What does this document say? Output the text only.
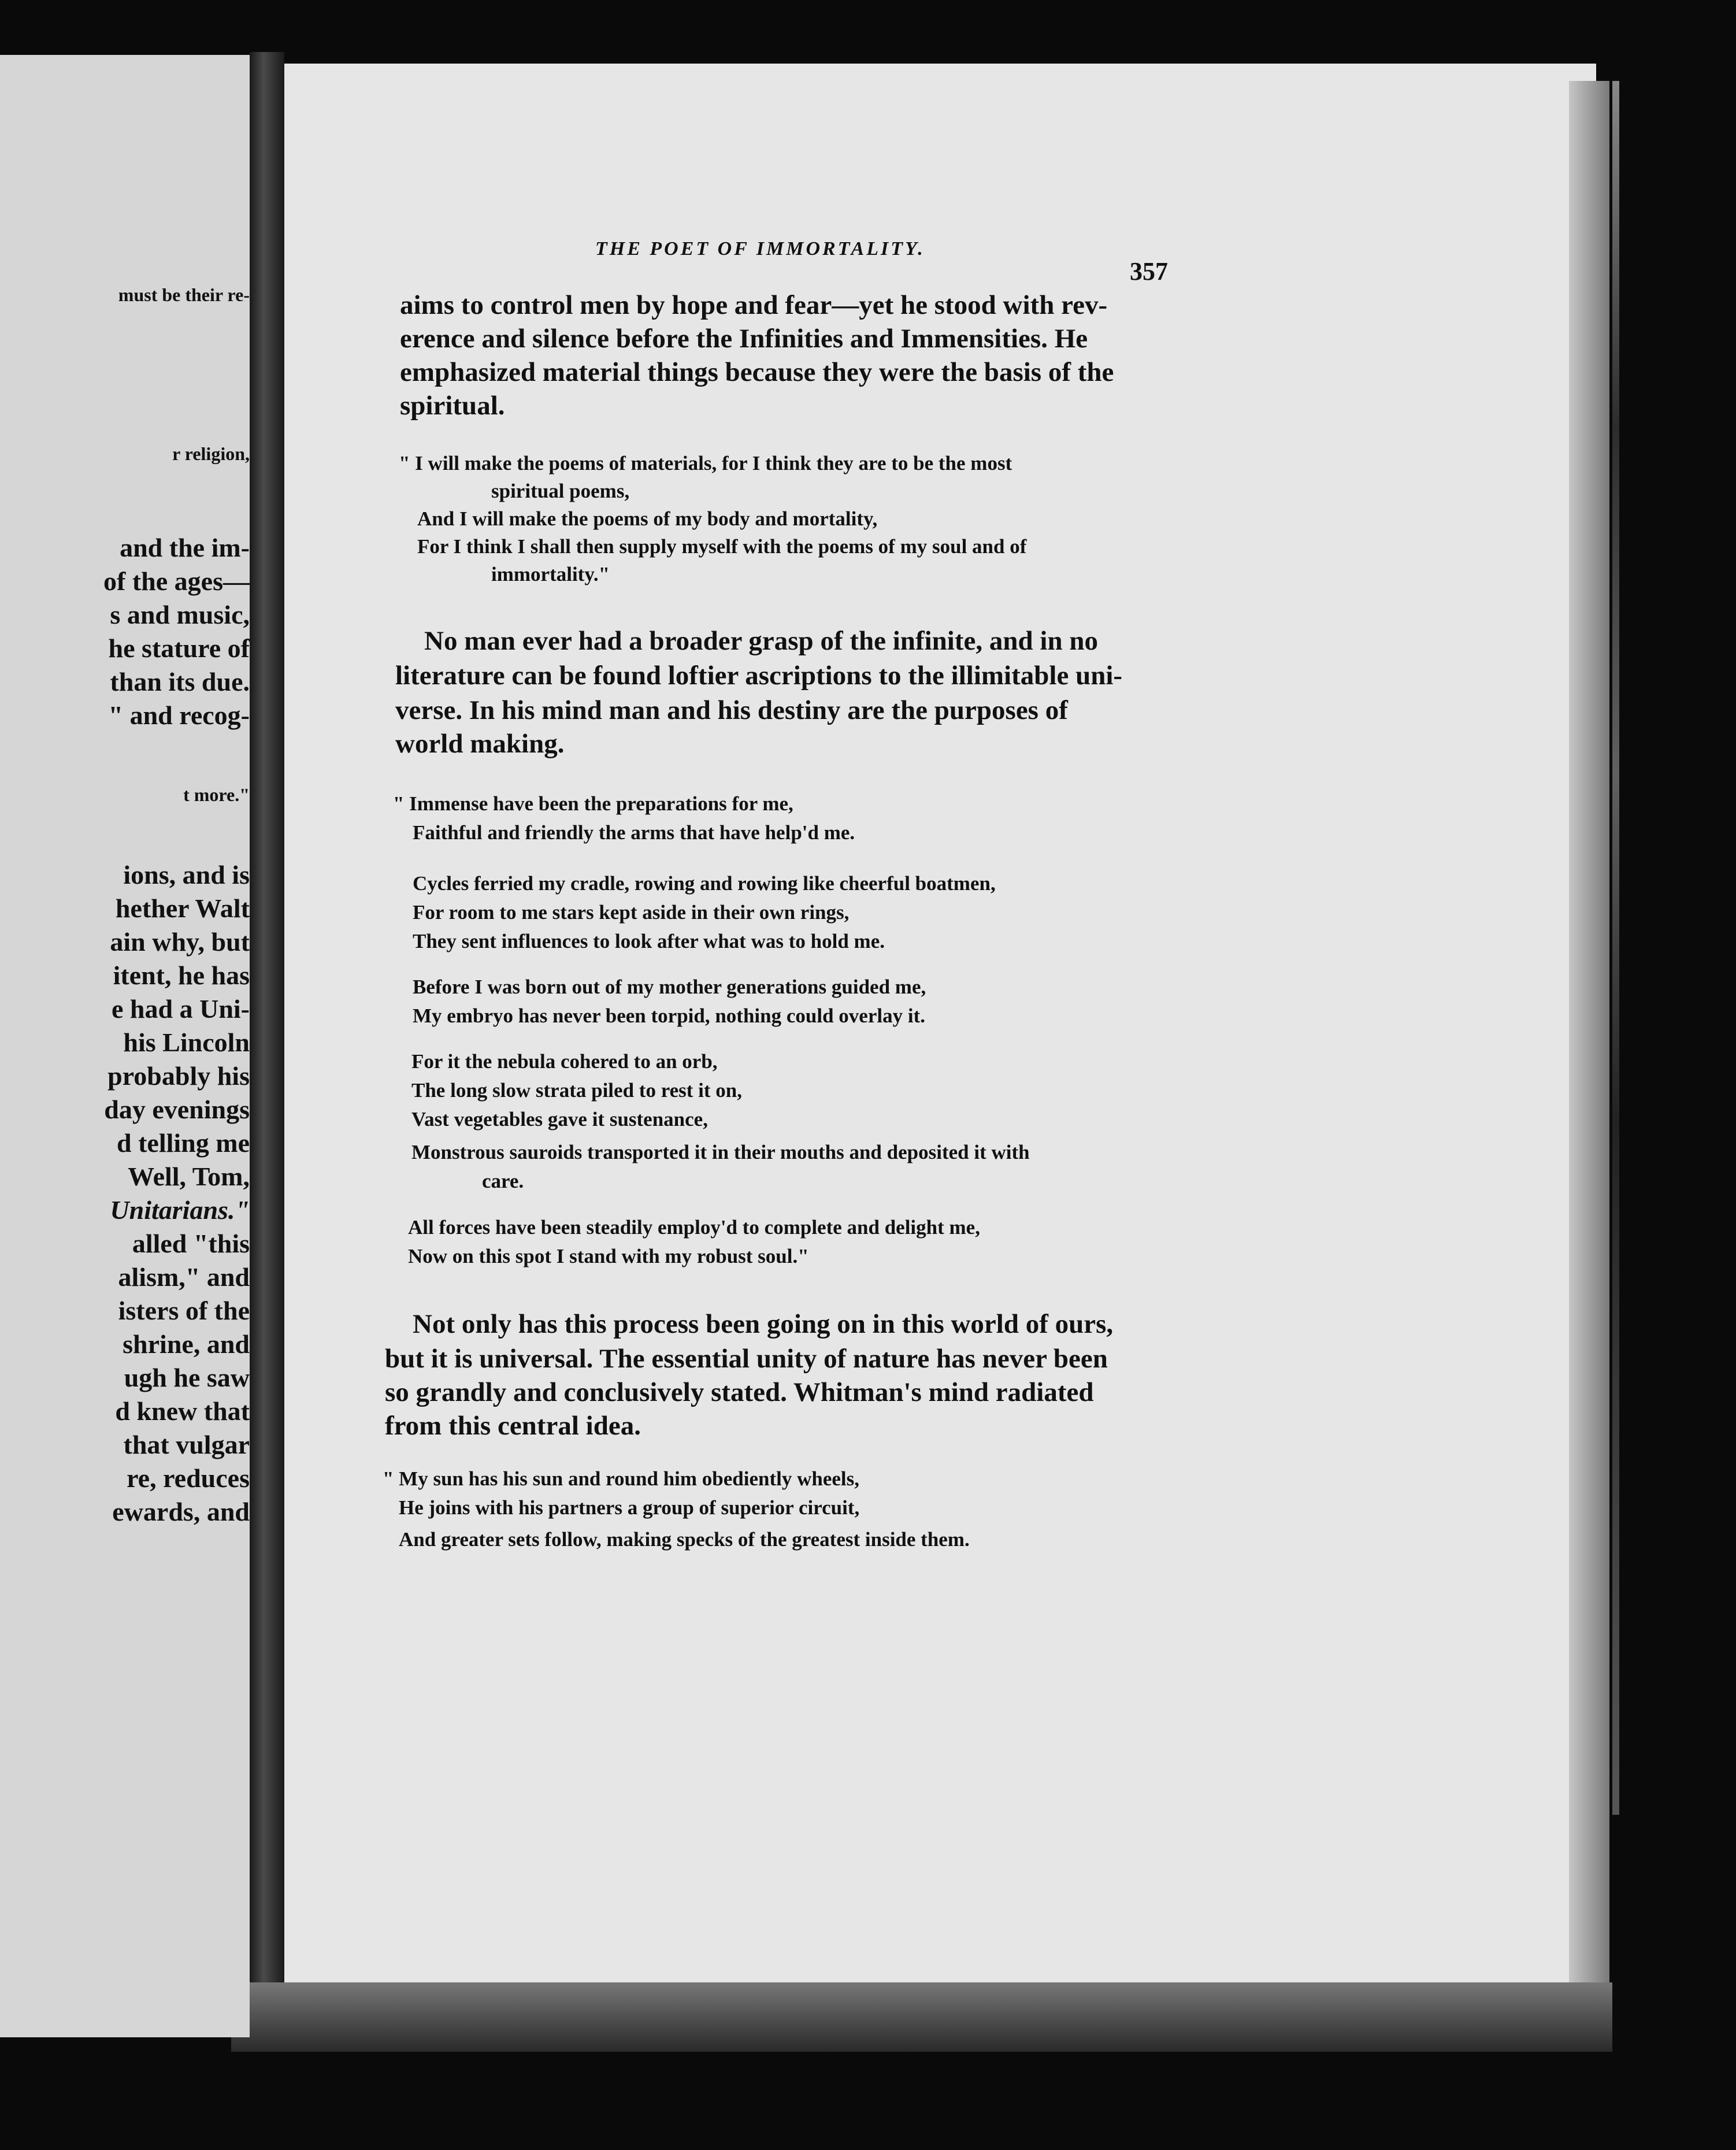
must be their re-
r religion,
and the im-
of the ages—
s and music,
he stature of
than its due.
" and recog-
t more."
ions, and is
hether Walt
ain why, but
itent, he has
e had a Uni-
his Lincoln
probably his
day evenings
d telling me
Well, Tom,
Unitarians."
alled "this
alism," and
isters of the
shrine, and
ugh he saw
d knew that
that vulgar
re, reduces
ewards, and
THE POET OF IMMORTALITY.
357
aims to control men by hope and fear—yet he stood with rev-
erence and silence before the Infinities and Immensities. He
emphasized material things because they were the basis of the
spiritual.
" I will make the poems of materials, for I think they are to be the most
spiritual poems,
And I will make the poems of my body and mortality,
For I think I shall then supply myself with the poems of my soul and of
immortality."
No man ever had a broader grasp of the infinite, and in no
literature can be found loftier ascriptions to the illimitable uni-
verse. In his mind man and his destiny are the purposes of
world making.
" Immense have been the preparations for me,
Faithful and friendly the arms that have help'd me.
Cycles ferried my cradle, rowing and rowing like cheerful boatmen,
For room to me stars kept aside in their own rings,
They sent influences to look after what was to hold me.
Before I was born out of my mother generations guided me,
My embryo has never been torpid, nothing could overlay it.
For it the nebula cohered to an orb,
The long slow strata piled to rest it on,
Vast vegetables gave it sustenance,
Monstrous sauroids transported it in their mouths and deposited it with
care.
All forces have been steadily employ'd to complete and delight me,
Now on this spot I stand with my robust soul."
Not only has this process been going on in this world of ours,
but it is universal. The essential unity of nature has never been
so grandly and conclusively stated. Whitman's mind radiated
from this central idea.
" My sun has his sun and round him obediently wheels,
He joins with his partners a group of superior circuit,
And greater sets follow, making specks of the greatest inside them.
